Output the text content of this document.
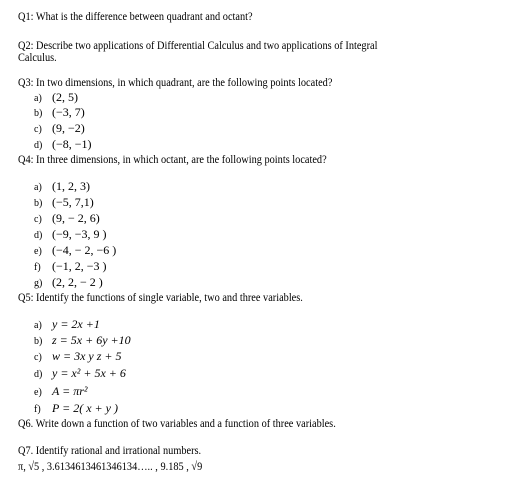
Q1: What is the difference between quadrant and octant?
Q2: Describe two applications of Differential Calculus and two applications of Integral
Calculus.
Q3: In two dimensions, in which quadrant, are the following points located?
a) (2, 5)
b) (−3, 7)
c) (9, −2)
d) (−8, −1)
Q4: In three dimensions, in which octant, are the following points located?
a) (1, 2, 3)
b) (−5, 7,1)
c) (9, − 2, 6)
d) (−9, −3, 9 )
e) (−4, − 2, −6 )
f) (−1, 2, −3 )
g) (2, 2, − 2 )
Q5: Identify the functions of single variable, two and three variables.
a) y = 2x +1
b) z = 5x + 6y +10
c) w = 3x y z + 5
d) y = x² + 5x + 6
e) A = πr²
f) P = 2( x + y )
Q6. Write down a function of two variables and a function of three variables.
Q7. Identify rational and irrational numbers.
π, √5 , 3.6134613461346134….. , 9.185 , √9
